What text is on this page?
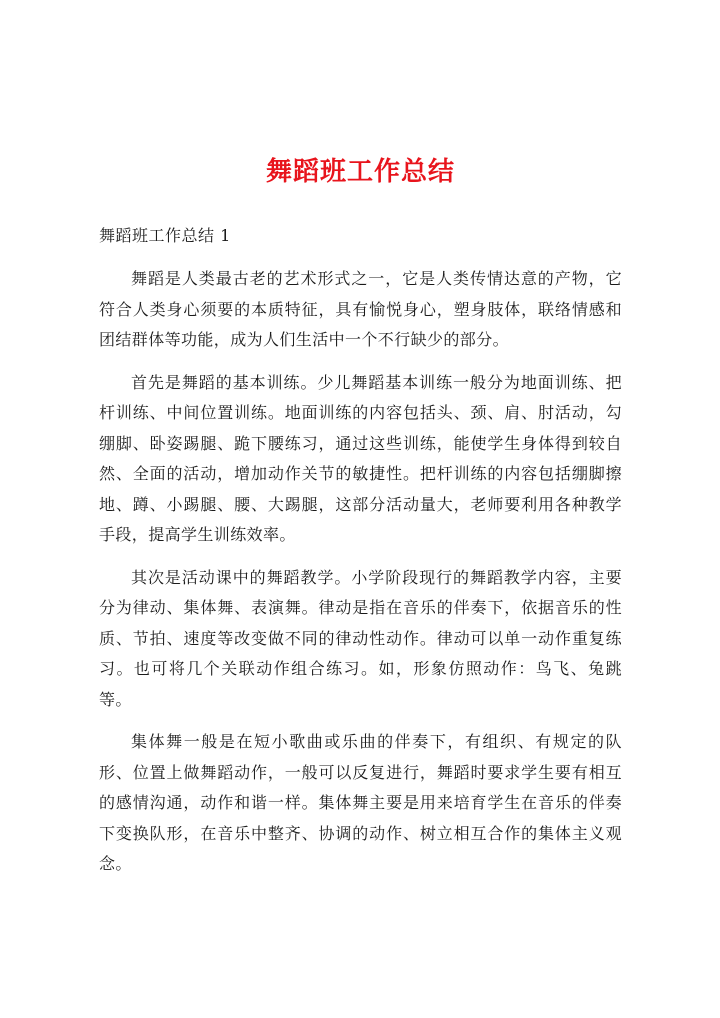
舞蹈班工作总结

舞蹈班工作总结 1

舞蹈是人类最古老的艺术形式之一，它是人类传情达意的产物，它符合人类身心须要的本质特征，具有愉悦身心，塑身肢体，联络情感和团结群体等功能，成为人们生活中一个不行缺少的部分。

首先是舞蹈的基本训练。少儿舞蹈基本训练一般分为地面训练、把杆训练、中间位置训练。地面训练的内容包括头、颈、肩、肘活动，勾绷脚、卧姿踢腿、跪下腰练习，通过这些训练，能使学生身体得到较自然、全面的活动，增加动作关节的敏捷性。把杆训练的内容包括绷脚擦地、蹲、小踢腿、腰、大踢腿，这部分活动量大，老师要利用各种教学手段，提高学生训练效率。

其次是活动课中的舞蹈教学。小学阶段现行的舞蹈教学内容，主要分为律动、集体舞、表演舞。律动是指在音乐的伴奏下，依据音乐的性质、节拍、速度等改变做不同的律动性动作。律动可以单一动作重复练习。也可将几个关联动作组合练习。如，形象仿照动作：鸟飞、兔跳等。

集体舞一般是在短小歌曲或乐曲的伴奏下，有组织、有规定的队形、位置上做舞蹈动作，一般可以反复进行，舞蹈时要求学生要有相互的感情沟通，动作和谐一样。集体舞主要是用来培育学生在音乐的伴奏下变换队形，在音乐中整齐、协调的动作、树立相互合作的集体主义观念。
